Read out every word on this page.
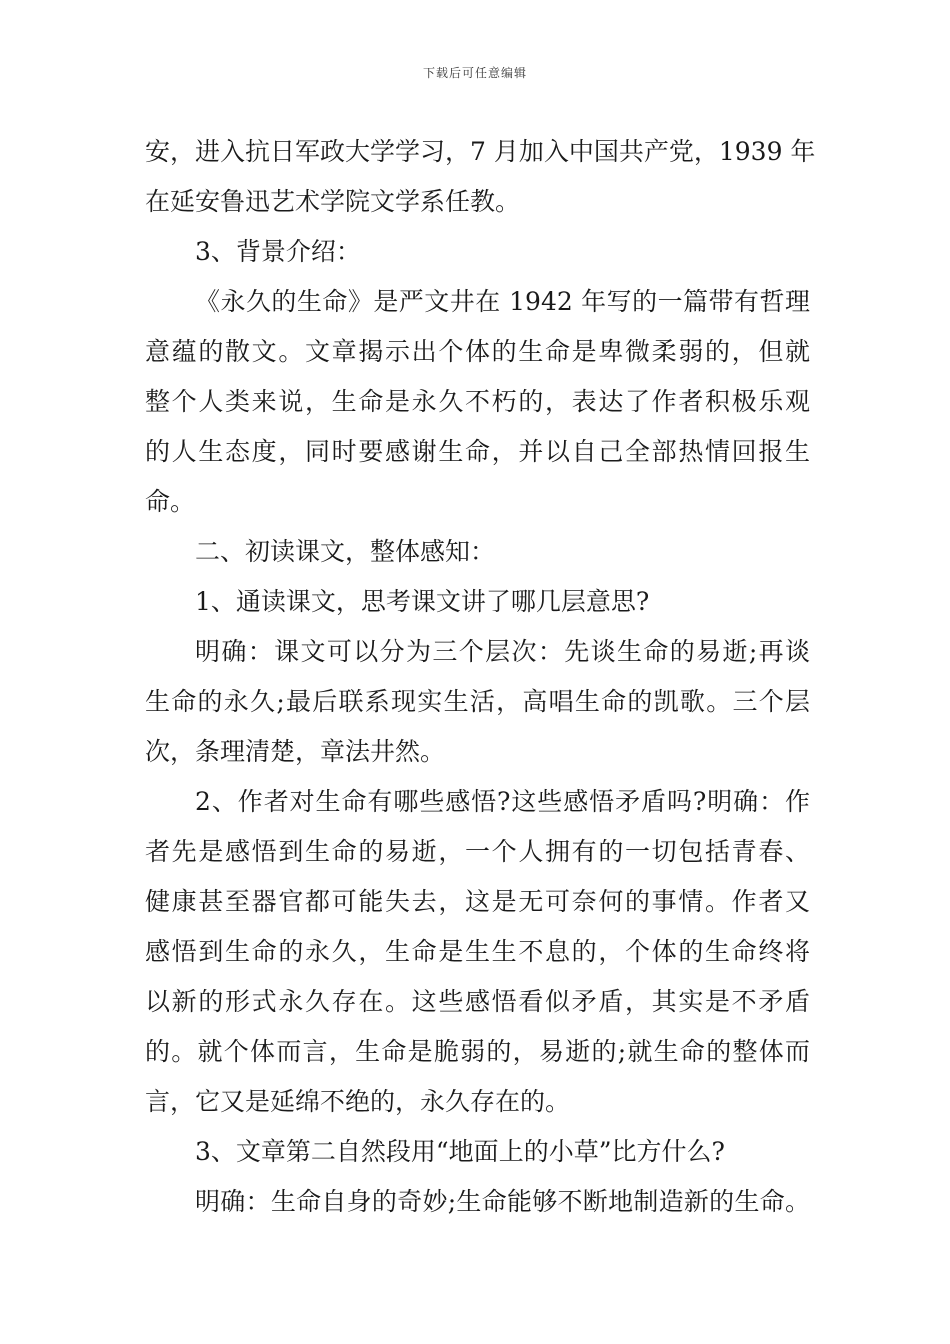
下载后可任意编辑
安，进入抗日军政大学学习，7 月加入中国共产党，1939 年
在延安鲁迅艺术学院文学系任教。
3、背景介绍：
《永久的生命》是严文井在 1942 年写的一篇带有哲理
意蕴的散文。文章揭示出个体的生命是卑微柔弱的，但就
整个人类来说，生命是永久不朽的，表达了作者积极乐观
的人生态度，同时要感谢生命，并以自己全部热情回报生
命。
二、初读课文，整体感知：
1、通读课文，思考课文讲了哪几层意思?
明确：课文可以分为三个层次：先谈生命的易逝;再谈
生命的永久;最后联系现实生活，高唱生命的凯歌。三个层
次，条理清楚，章法井然。
2、作者对生命有哪些感悟?这些感悟矛盾吗?明确：作
者先是感悟到生命的易逝，一个人拥有的一切包括青春、
健康甚至器官都可能失去，这是无可奈何的事情。作者又
感悟到生命的永久，生命是生生不息的，个体的生命终将
以新的形式永久存在。这些感悟看似矛盾，其实是不矛盾
的。就个体而言，生命是脆弱的，易逝的;就生命的整体而
言，它又是延绵不绝的，永久存在的。
3、文章第二自然段用“地面上的小草”比方什么?
明确：生命自身的奇妙;生命能够不断地制造新的生命。
